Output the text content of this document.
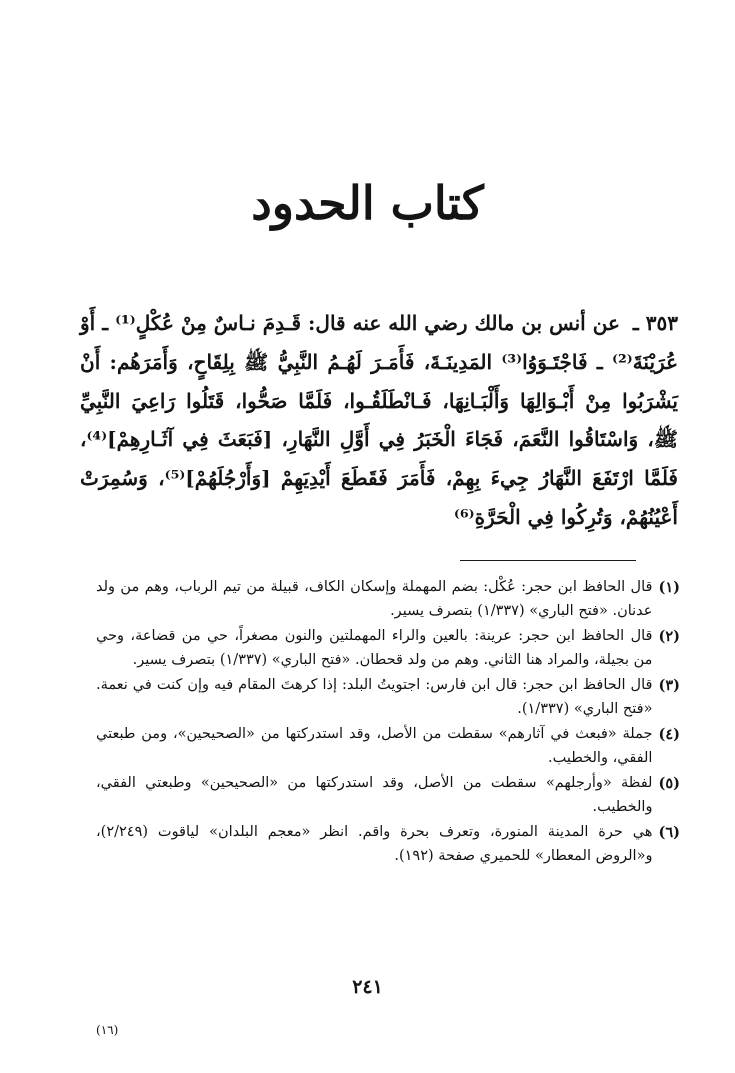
كتاب الحدود
٣٥٣ ـ عن أنس بن مالك رضي الله عنه قال: قَـدِمَ نـاسٌ مِنْ عُكْلٍ⁽¹⁾ ـ أَوْ عُرَيْنَةَ⁽²⁾ ـ فَاجْتَـوَوُا⁽³⁾ المَدِينَـةَ، فَأَمَـرَ لَهُـمُ النَّبِيُّ ﷺ بِلِقَاحٍ، وَأَمَرَهُم: أَنْ يَشْرَبُوا مِنْ أَبْـوَالِهَا وَأَلْبَـانِهَا، فَـانْطَلَقُـوا، فَلَمَّا صَحُّوا، قَتَلُوا رَاعِيَ النَّبِيِّ ﷺ، وَاسْتَاقُوا النَّعَمَ، فَجَاءَ الْخَبَرُ فِي أَوَّلِ النَّهَارِ، [فَبَعَثَ فِي آثَـارِهِمْ]⁽⁴⁾، فَلَمَّا ارْتَفَعَ النَّهَارُ جِيءَ بِهِمْ، فَأَمَرَ فَقَطَعَ أَيْدِيَهِمْ [وَأَرْجُلَهُمْ]⁽⁵⁾، وَسُمِرَتْ أَعْيُنُهُمْ، وَتُرِكُوا فِي الْحَرَّةِ⁽⁶⁾
(١)
قال الحافظ ابن حجر: عُكْل: بضم المهملة وإسكان الكاف، قبيلة من تيم الرباب، وهم من ولد عدنان. «فتح الباري» (١/٣٣٧) بتصرف يسير.
(٢)
قال الحافظ ابن حجر: عرينة: بالعين والراء المهملتين والنون مصغراً، حي من قضاعة، وحي من بجيلة، والمراد هنا الثاني. وهم من ولد قحطان. «فتح الباري» (١/٣٣٧) بتصرف يسير.
(٣)
قال الحافظ ابن حجر: قال ابن فارس: اجتويتُ البلد: إذا كرهتَ المقام فيه وإن كنت في نعمة. «فتح الباري» (١/٣٣٧).
(٤)
جملة «فبعث في آثارهم» سقطت من الأصل، وقد استدركتها من «الصحيحين»، ومن طبعتي الفقي، والخطيب.
(٥)
لفظة «وأرجلهم» سقطت من الأصل، وقد استدركتها من «الصحيحين» وطبعتي الفقي، والخطيب.
(٦)
هي حرة المدينة المنورة، وتعرف بحرة واقم. انظر «معجم البلدان» لياقوت (٢/٢٤٩)، و«الروض المعطار» للحميري صفحة (١٩٢).
٢٤١
(١٦)
